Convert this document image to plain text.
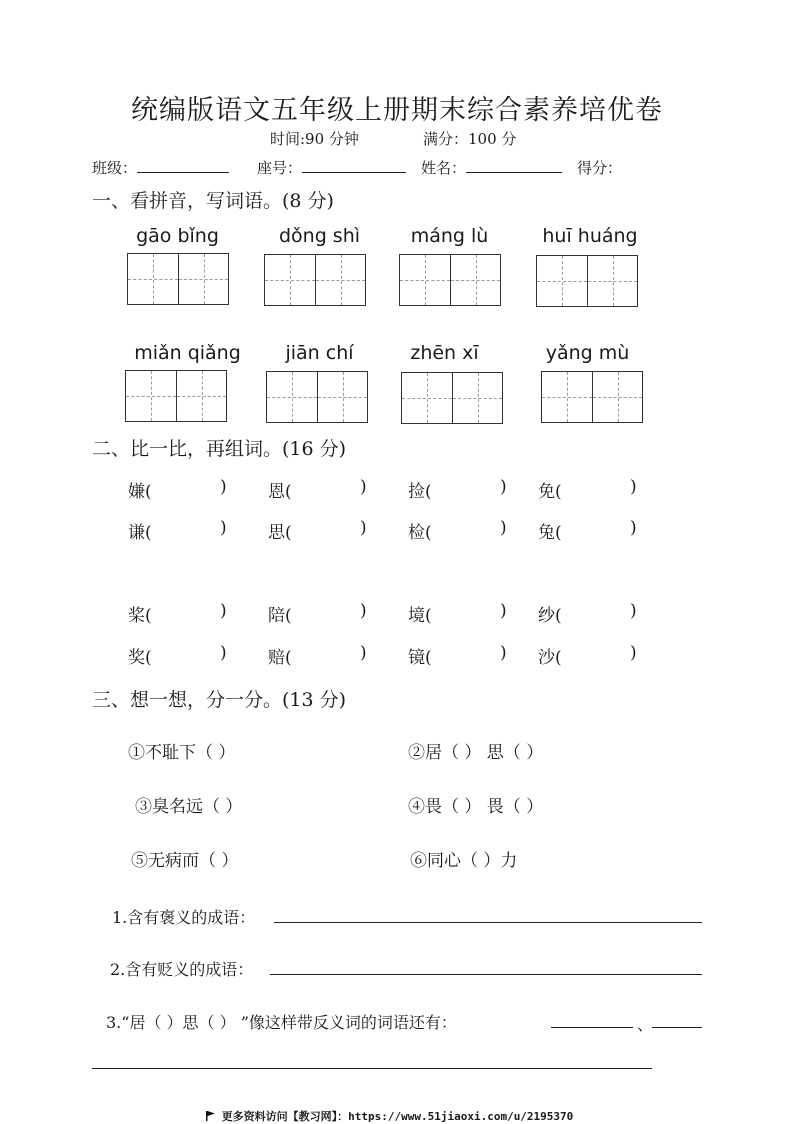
统编版语文五年级上册期末综合素养培优卷
时间:90 分钟	满分：100 分
班级：	座号：	姓名：	得分：
一、看拼音，写词语。(8 分)
gāo bǐng	dǒng shì	máng lù	huī huáng
miǎn qiǎng	jiān chí	zhēn xī	yǎng mù
二、比一比，再组词。(16 分)
嫌(	) 恩(	) 捡(	) 免(	)
谦(	) 思(	) 检(	) 兔(	)
桨(	) 陪(	) 境(	) 纱(	)
奖(	) 赔(	) 镜(	) 沙(	)
三、想一想，分一分。(13 分)
①不耻下（ ）	②居（ ） 思（ ）
③臭名远（ ）	④畏（ ） 畏（ ）
⑤无病而（ ）	⑥同心（ ）力
1.含有褒义的成语：
2.含有贬义的成语：
3.“居（ ）思（ ） ”像这样带反义词的词语还有：	、
更多资料访问【教习网】：https://www.51jiaoxi.com/u/2195370
